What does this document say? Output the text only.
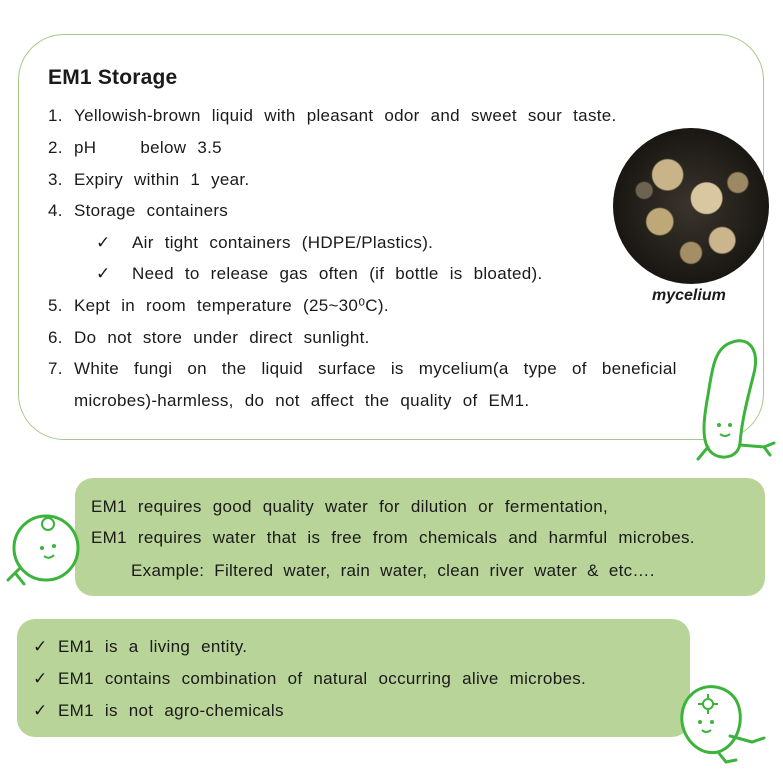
EM1 Storage
1. Yellowish-brown liquid with pleasant odor and sweet sour taste.
2. pH    below 3.5
3. Expiry within 1 year.
4. Storage containers
✓ Air tight containers (HDPE/Plastics).
✓ Need to release gas often (if bottle is bloated).
5. Kept in room temperature (25~30⁰C).
6. Do not store under direct sunlight.
7. White fungi on the liquid surface is mycelium(a type of beneficial
microbes)-harmless, do not affect the quality of EM1.
mycelium
EM1 requires good quality water for dilution or fermentation,
EM1 requires water that is free from chemicals and harmful microbes.
Example: Filtered water, rain water, clean river water & etc….
✓ EM1 is a living entity.
✓ EM1 contains combination of natural occurring alive microbes.
✓ EM1 is not agro-chemicals
